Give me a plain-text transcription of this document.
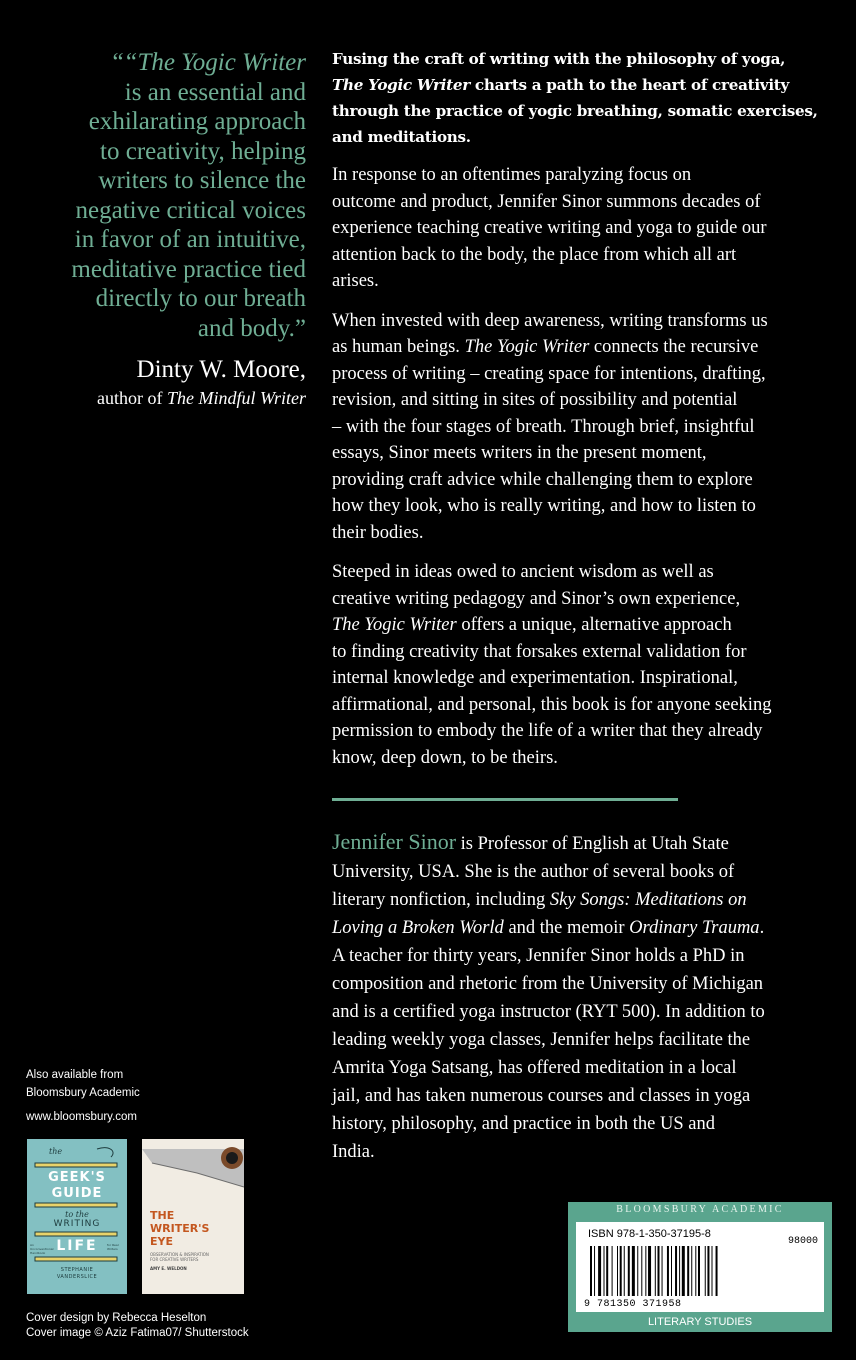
““The Yogic Writer
is an essential and
exhilarating approach
to creativity, helping
writers to silence the
negative critical voices
in favor of an intuitive,
meditative practice tied
directly to our breath
and body.”
Dinty W. Moore,
author of The Mindful Writer
Fusing the craft of writing with the philosophy of yoga,
The Yogic Writer charts a path to the heart of creativity
through the practice of yogic breathing, somatic exercises,
and meditations.
In response to an oftentimes paralyzing focus on
outcome and product, Jennifer Sinor summons decades of
experience teaching creative writing and yoga to guide our
attention back to the body, the place from which all art
arises.
When invested with deep awareness, writing transforms us
as human beings. The Yogic Writer connects the recursive
process of writing – creating space for intentions, drafting,
revision, and sitting in sites of possibility and potential
– with the four stages of breath. Through brief, insightful
essays, Sinor meets writers in the present moment,
providing craft advice while challenging them to explore
how they look, who is really writing, and how to listen to
their bodies.
Steeped in ideas owed to ancient wisdom as well as
creative writing pedagogy and Sinor’s own experience,
The Yogic Writer offers a unique, alternative approach
to finding creativity that forsakes external validation for
internal knowledge and experimentation. Inspirational,
affirmational, and personal, this book is for anyone seeking
permission to embody the life of a writer that they already
know, deep down, to be theirs.
Jennifer Sinor is Professor of English at Utah State
University, USA. She is the author of several books of
literary nonfiction, including Sky Songs: Meditations on
Loving a Broken World and the memoir Ordinary Trauma.
A teacher for thirty years, Jennifer Sinor holds a PhD in
composition and rhetoric from the University of Michigan
and is a certified yoga instructor (RYT 500). In addition to
leading weekly yoga classes, Jennifer helps facilitate the
Amrita Yoga Satsang, has offered meditation in a local
jail, and has taken numerous courses and classes in yoga
history, philosophy, and practice in both the US and
India.
Also available from
Bloomsbury Academic
www.bloomsbury.com
the
GEEK'S
GUIDE
to the
WRITING
LIFE
An Unconventional Handbook
for Real Writers
STEPHANIE
VANDERSLICE
THE
WRITER'S
EYE
OBSERVATION & INSPIRATION
FOR CREATIVE WRITERS
AMY E. WELDON
Cover design by Rebecca Heselton
Cover image © Aziz Fatima07/ Shutterstock
BLOOMSBURY ACADEMIC
ISBN 978-1-350-37195-8
98000
9 781350 371958
LITERARY STUDIES
